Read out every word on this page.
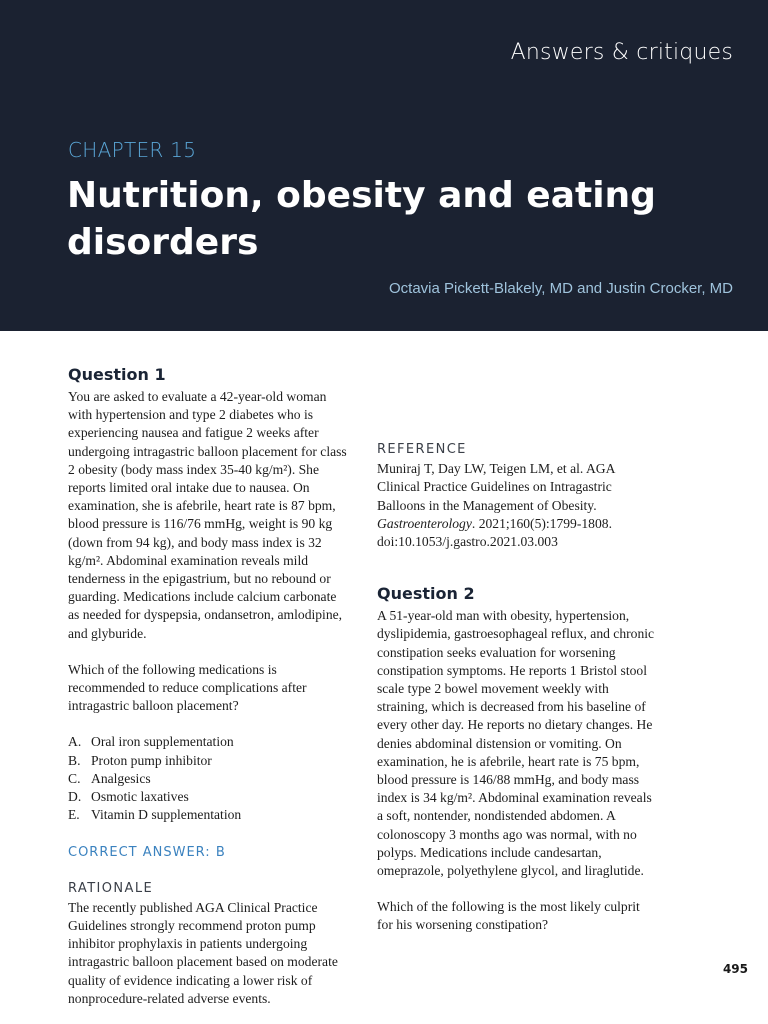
Answers & critiques

CHAPTER 15

Nutrition, obesity and eating disorders

Octavia Pickett-Blakely, MD and Justin Crocker, MD

Question 1

You are asked to evaluate a 42-year-old woman with hypertension and type 2 diabetes who is experiencing nausea and fatigue 2 weeks after undergoing intragastric balloon placement for class 2 obesity (body mass index 35-40 kg/m²). She reports limited oral intake due to nausea. On examination, she is afebrile, heart rate is 87 bpm, blood pressure is 116/76 mmHg, weight is 90 kg (down from 94 kg), and body mass index is 32 kg/m². Abdominal examination reveals mild tenderness in the epigastrium, but no rebound or guarding. Medications include calcium carbonate as needed for dyspepsia, ondansetron, amlodipine, and glyburide.

Which of the following medications is recommended to reduce complications after intragastric balloon placement?

A. Oral iron supplementation
B. Proton pump inhibitor
C. Analgesics
D. Osmotic laxatives
E. Vitamin D supplementation

CORRECT ANSWER: B

RATIONALE

The recently published AGA Clinical Practice Guidelines strongly recommend proton pump inhibitor prophylaxis in patients undergoing intragastric balloon placement based on moderate quality of evidence indicating a lower risk of nonprocedure-related adverse events.

REFERENCE

Muniraj T, Day LW, Teigen LM, et al. AGA Clinical Practice Guidelines on Intragastric Balloons in the Management of Obesity. Gastroenterology. 2021;160(5):1799-1808. doi:10.1053/j.gastro.2021.03.003

Question 2

A 51-year-old man with obesity, hypertension, dyslipidemia, gastroesophageal reflux, and chronic constipation seeks evaluation for worsening constipation symptoms. He reports 1 Bristol stool scale type 2 bowel movement weekly with straining, which is decreased from his baseline of every other day. He reports no dietary changes. He denies abdominal distension or vomiting. On examination, he is afebrile, heart rate is 75 bpm, blood pressure is 146/88 mmHg, and body mass index is 34 kg/m². Abdominal examination reveals a soft, nontender, nondistended abdomen. A colonoscopy 3 months ago was normal, with no polyps. Medications include candesartan, omeprazole, polyethylene glycol, and liraglutide.

Which of the following is the most likely culprit for his worsening constipation?

495
